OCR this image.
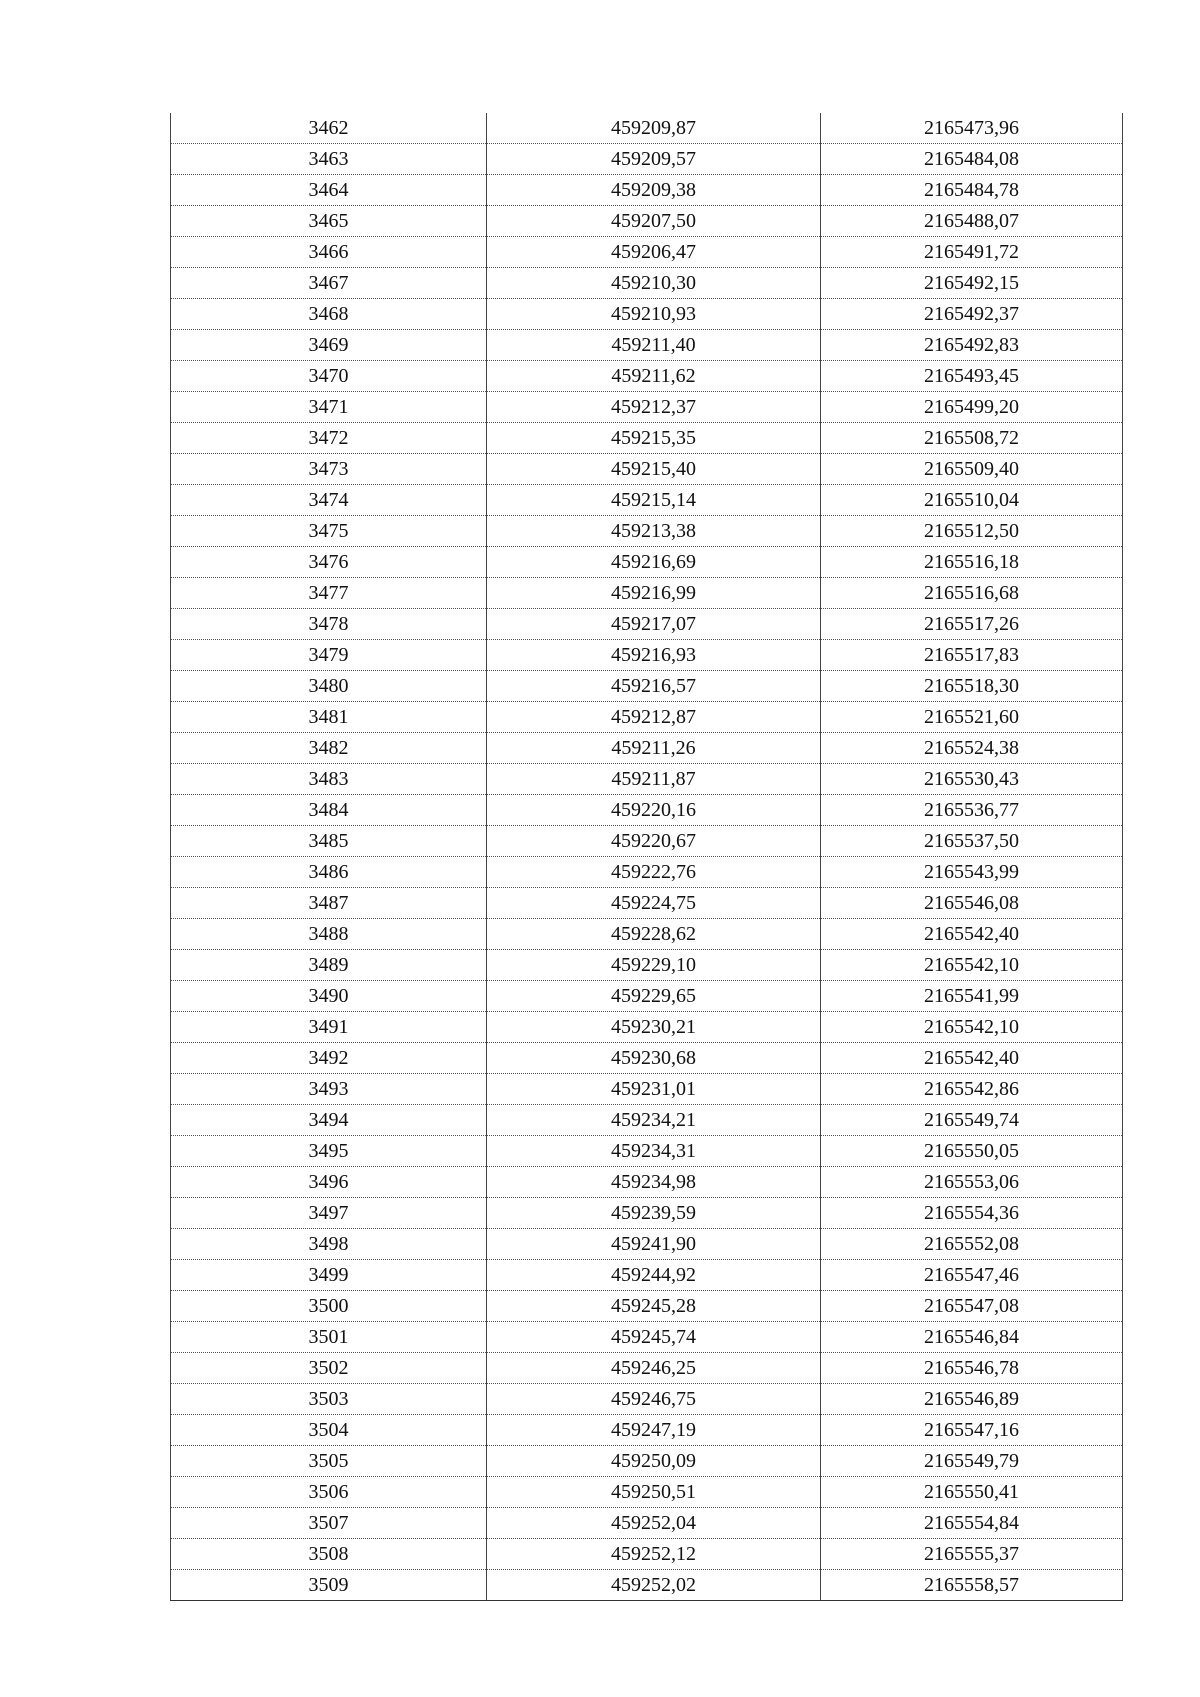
3462	459209,87	2165473,96
3463	459209,57	2165484,08
3464	459209,38	2165484,78
3465	459207,50	2165488,07
3466	459206,47	2165491,72
3467	459210,30	2165492,15
3468	459210,93	2165492,37
3469	459211,40	2165492,83
3470	459211,62	2165493,45
3471	459212,37	2165499,20
3472	459215,35	2165508,72
3473	459215,40	2165509,40
3474	459215,14	2165510,04
3475	459213,38	2165512,50
3476	459216,69	2165516,18
3477	459216,99	2165516,68
3478	459217,07	2165517,26
3479	459216,93	2165517,83
3480	459216,57	2165518,30
3481	459212,87	2165521,60
3482	459211,26	2165524,38
3483	459211,87	2165530,43
3484	459220,16	2165536,77
3485	459220,67	2165537,50
3486	459222,76	2165543,99
3487	459224,75	2165546,08
3488	459228,62	2165542,40
3489	459229,10	2165542,10
3490	459229,65	2165541,99
3491	459230,21	2165542,10
3492	459230,68	2165542,40
3493	459231,01	2165542,86
3494	459234,21	2165549,74
3495	459234,31	2165550,05
3496	459234,98	2165553,06
3497	459239,59	2165554,36
3498	459241,90	2165552,08
3499	459244,92	2165547,46
3500	459245,28	2165547,08
3501	459245,74	2165546,84
3502	459246,25	2165546,78
3503	459246,75	2165546,89
3504	459247,19	2165547,16
3505	459250,09	2165549,79
3506	459250,51	2165550,41
3507	459252,04	2165554,84
3508	459252,12	2165555,37
3509	459252,02	2165558,57
